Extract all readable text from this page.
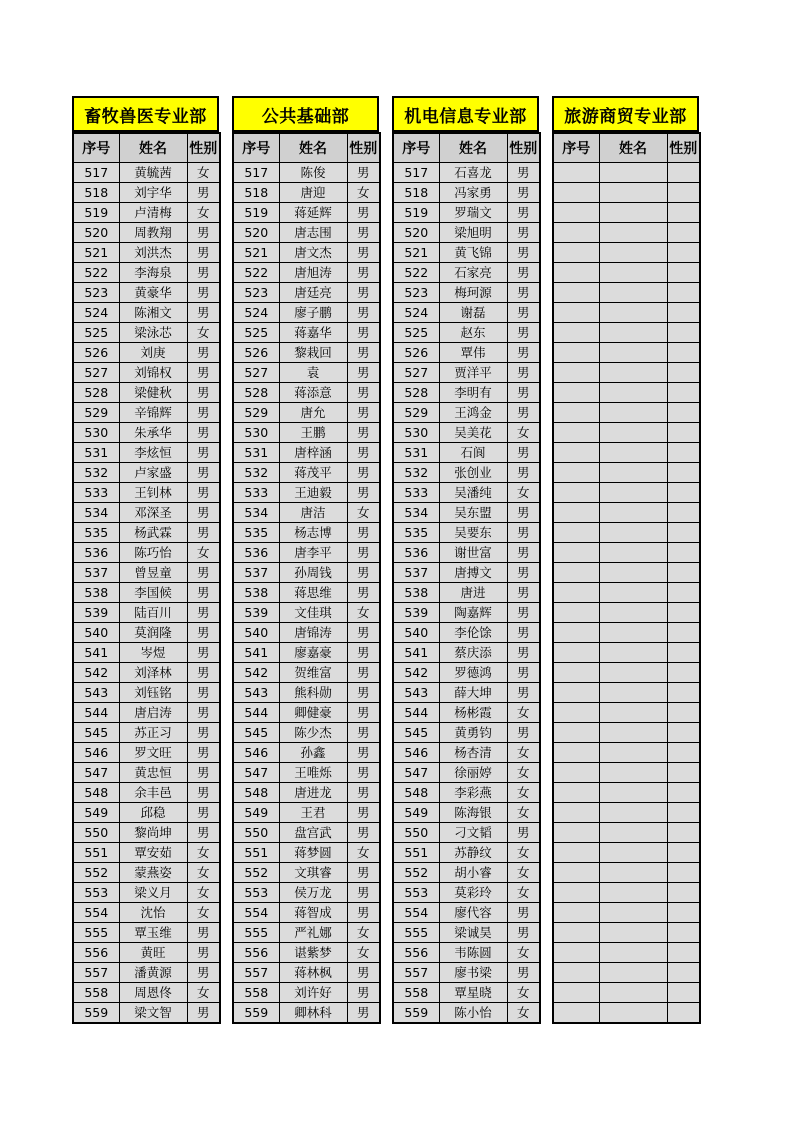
畜牧兽医专业部
序号	姓名	性别
517	黄毓茜	女
518	刘宇华	男
519	卢清梅	女
520	周教翔	男
521	刘洪杰	男
522	李海泉	男
523	黄豪华	男
524	陈湘文	男
525	梁泳芯	女
526	刘庚	男
527	刘锦权	男
528	梁健秋	男
529	辛锦辉	男
530	朱承华	男
531	李炫恒	男
532	卢家盛	男
533	王钊林	男
534	邓深圣	男
535	杨武霖	男
536	陈巧怡	女
537	曾昱童	男
538	李国候	男
539	陆百川	男
540	莫润隆	男
541	岑煜	男
542	刘泽林	男
543	刘钰铭	男
544	唐启涛	男
545	苏正习	男
546	罗文旺	男
547	黄忠恒	男
548	余丰邑	男
549	邱稳	男
550	黎尚坤	男
551	覃安茹	女
552	蒙燕姿	女
553	梁义月	女
554	沈怡	女
555	覃玉维	男
556	黄旺	男
557	潘黄源	男
558	周恩佟	女
559	梁文智	男
公共基础部
序号	姓名	性别
517	陈俊	男
518	唐迎	女
519	蒋延辉	男
520	唐志围	男
521	唐文杰	男
522	唐旭涛	男
523	唐廷亮	男
524	廖子鹏	男
525	蒋嘉华	男
526	黎栽回	男
527	袁	男
528	蒋添意	男
529	唐允	男
530	王鹏	男
531	唐梓涵	男
532	蒋茂平	男
533	王迪毅	男
534	唐洁	女
535	杨志博	男
536	唐李平	男
537	孙周钱	男
538	蒋思维	男
539	文佳琪	女
540	唐锦涛	男
541	廖嘉豪	男
542	贺维富	男
543	熊科勋	男
544	卿健豪	男
545	陈少杰	男
546	孙鑫	男
547	王唯烁	男
548	唐进龙	男
549	王君	男
550	盘宫武	男
551	蒋梦圆	女
552	文琪睿	男
553	侯万龙	男
554	蒋智成	男
555	严礼娜	女
556	谌紫梦	女
557	蒋林枫	男
558	刘许好	男
559	卿林科	男
机电信息专业部
序号	姓名	性别
517	石喜龙	男
518	冯家勇	男
519	罗瑞文	男
520	梁旭明	男
521	黄飞锦	男
522	石家亮	男
523	梅珂源	男
524	谢磊	男
525	赵东	男
526	覃伟	男
527	贾洋平	男
528	李明有	男
529	王鸿金	男
530	吴美花	女
531	石阆	男
532	张创业	男
533	吴潘纯	女
534	吴东盟	男
535	吴要东	男
536	谢世富	男
537	唐搏文	男
538	唐进	男
539	陶嘉辉	男
540	李伦馀	男
541	蔡庆添	男
542	罗德鸿	男
543	薛大坤	男
544	杨彬霞	女
545	黄勇钧	男
546	杨杏清	女
547	徐丽婷	女
548	李彩燕	女
549	陈海银	女
550	刁文韬	男
551	苏静纹	女
552	胡小睿	女
553	莫彩玲	女
554	廖代容	男
555	梁诚昊	男
556	韦陈圆	女
557	廖书梁	男
558	覃星晓	女
559	陈小怡	女
旅游商贸专业部
序号	姓名	性别
